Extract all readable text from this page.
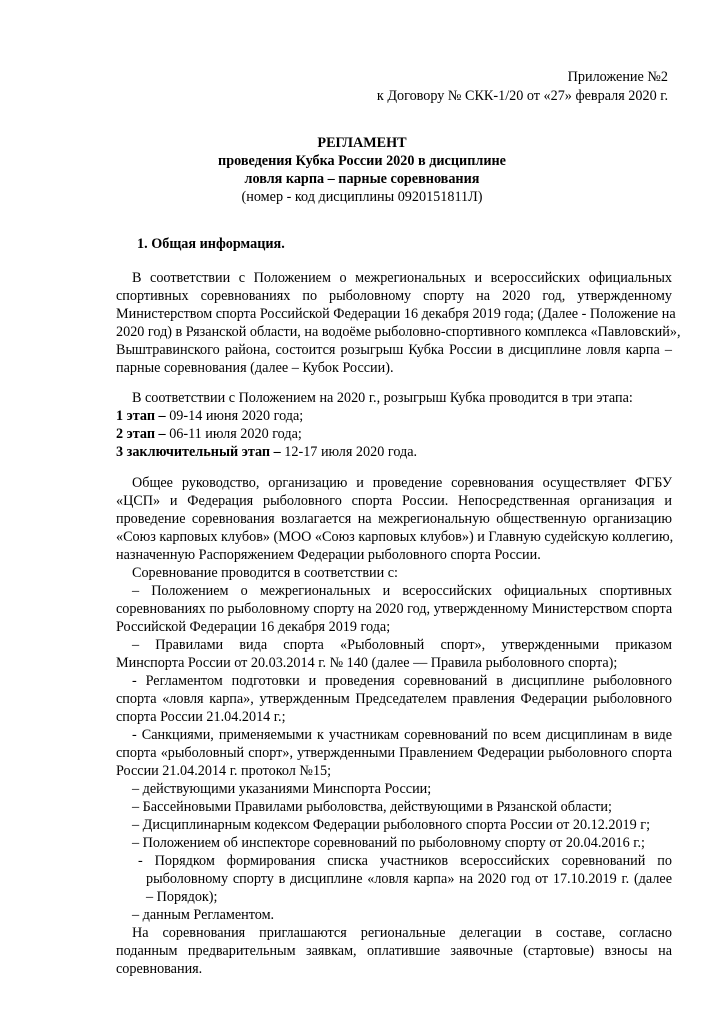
Приложение №2
к Договору № СКК-1/20 от «27» февраля 2020 г.
РЕГЛАМЕНТ
проведения Кубка России 2020 в дисциплине
ловля карпа – парные соревнования
(номер - код дисциплины 0920151811Л)
1. Общая информация.
В соответствии с Положением о межрегиональных и всероссийских официальных
спортивных соревнованиях по рыболовному спорту на 2020 год, утвержденному
Министерством спорта Российской Федерации 16 декабря 2019 года; (Далее - Положение на
2020 год) в Рязанской области, на водоёме рыболовно-спортивного комплекса «Павловский»,
Выштравинского района, состоится розыгрыш Кубка России в дисциплине ловля карпа –
парные соревнования (далее – Кубок России).
В соответствии с Положением на 2020 г., розыгрыш Кубка проводится в три этапа:
1 этап – 09-14 июня 2020 года;
2 этап – 06-11 июля 2020 года;
3 заключительный этап – 12-17 июля 2020 года.
Общее руководство, организацию и проведение соревнования осуществляет ФГБУ
«ЦСП» и Федерация рыболовного спорта России. Непосредственная организация и
проведение соревнования возлагается на межрегиональную общественную организацию
«Союз карповых клубов» (МОО «Союз карповых клубов») и Главную судейскую коллегию,
назначенную Распоряжением Федерации рыболовного спорта России.
Соревнование проводится в соответствии с:
– Положением о межрегиональных и всероссийских официальных спортивных
соревнованиях по рыболовному спорту на 2020 год, утвержденному Министерством спорта
Российской Федерации 16 декабря 2019 года;
– Правилами вида спорта «Рыболовный спорт», утвержденными приказом
Минспорта России от 20.03.2014 г. № 140 (далее — Правила рыболовного спорта);
- Регламентом подготовки и проведения соревнований в дисциплине рыболовного
спорта «ловля карпа», утвержденным Председателем правления Федерации рыболовного
спорта России 21.04.2014 г.;
- Санкциями, применяемыми к участникам соревнований по всем дисциплинам в виде
спорта «рыболовный спорт», утвержденными Правлением Федерации рыболовного спорта
России 21.04.2014 г. протокол №15;
– действующими указаниями Минспорта России;
– Бассейновыми Правилами рыболовства, действующими в Рязанской области;
– Дисциплинарным кодексом Федерации рыболовного спорта России от 20.12.2019 г;
– Положением об инспекторе соревнований по рыболовному спорту от 20.04.2016 г.;
- Порядком формирования списка участников всероссийских соревнований по
рыболовному спорту в дисциплине «ловля карпа» на 2020 год от 17.10.2019 г. (далее
– Порядок);
– данным Регламентом.
На соревнования приглашаются региональные делегации в составе, согласно
поданным предварительным заявкам, оплатившие заявочные (стартовые) взносы на
соревнования.
